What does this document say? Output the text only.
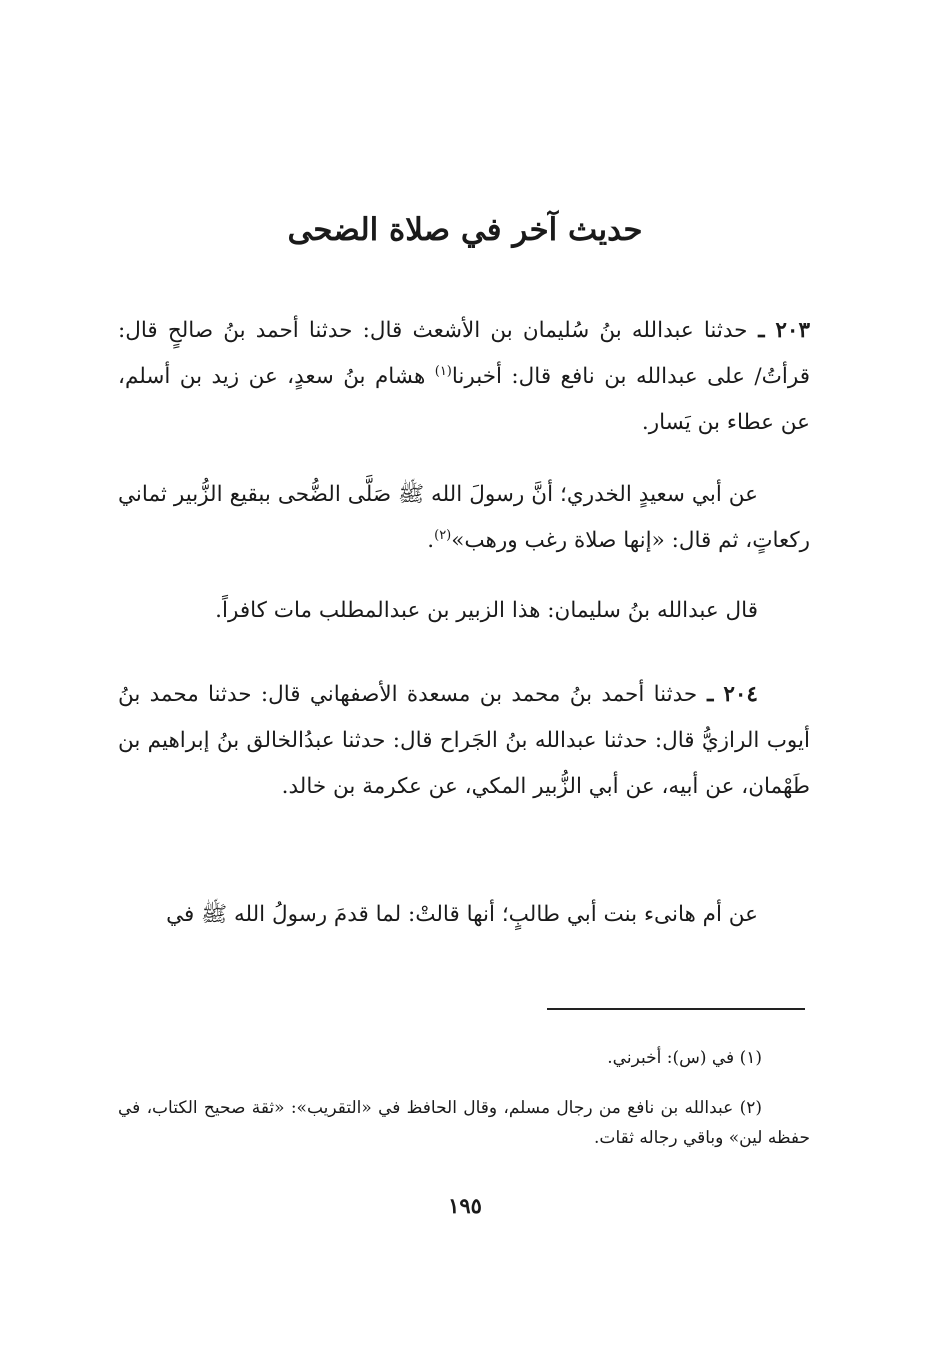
حديث آخر في صلاة الضحى
٢٠٣ ـ حدثنا عبدالله بنُ سُليمان بن الأشعث قال: حدثنا أحمد بنُ صالحٍ قال: قرأتُ/ على عبدالله بن نافع قال: أخبرنا$^{(١)}$ هشام بنُ سعدٍ، عن زيد بن أسلم، عن عطاء بن يَسار.
عن أبي سعيدٍ الخدري؛ أنَّ رسولَ الله ﷺ صَلَّى الضُّحى ببقيع الزُّبير ثماني ركعاتٍ، ثم قال: «إنها صلاة رغب ورهب»$^{(٢)}$.
قال عبدالله بنُ سليمان: هذا الزبير بن عبدالمطلب مات كافراً.
٢٠٤ ـ حدثنا أحمد بنُ محمد بن مسعدة الأصفهاني قال: حدثنا محمد بنُ أيوب الرازيُّ قال: حدثنا عبدالله بنُ الجَراح قال: حدثنا عبدُالخالق بنُ إبراهيم بن طَهْمان، عن أبيه، عن أبي الزُّبير المكي، عن عكرمة بن خالد.
عن أم هانىء بنت أبي طالبٍ؛ أنها قالتْ: لما قدمَ رسولُ الله ﷺ في
(١) في (س): أخبرني.
(٢) عبدالله بن نافع من رجال مسلم، وقال الحافظ في «التقريب»: «ثقة صحيح الكتاب، في حفظه لين» وباقي رجاله ثقات.
١٩٥
